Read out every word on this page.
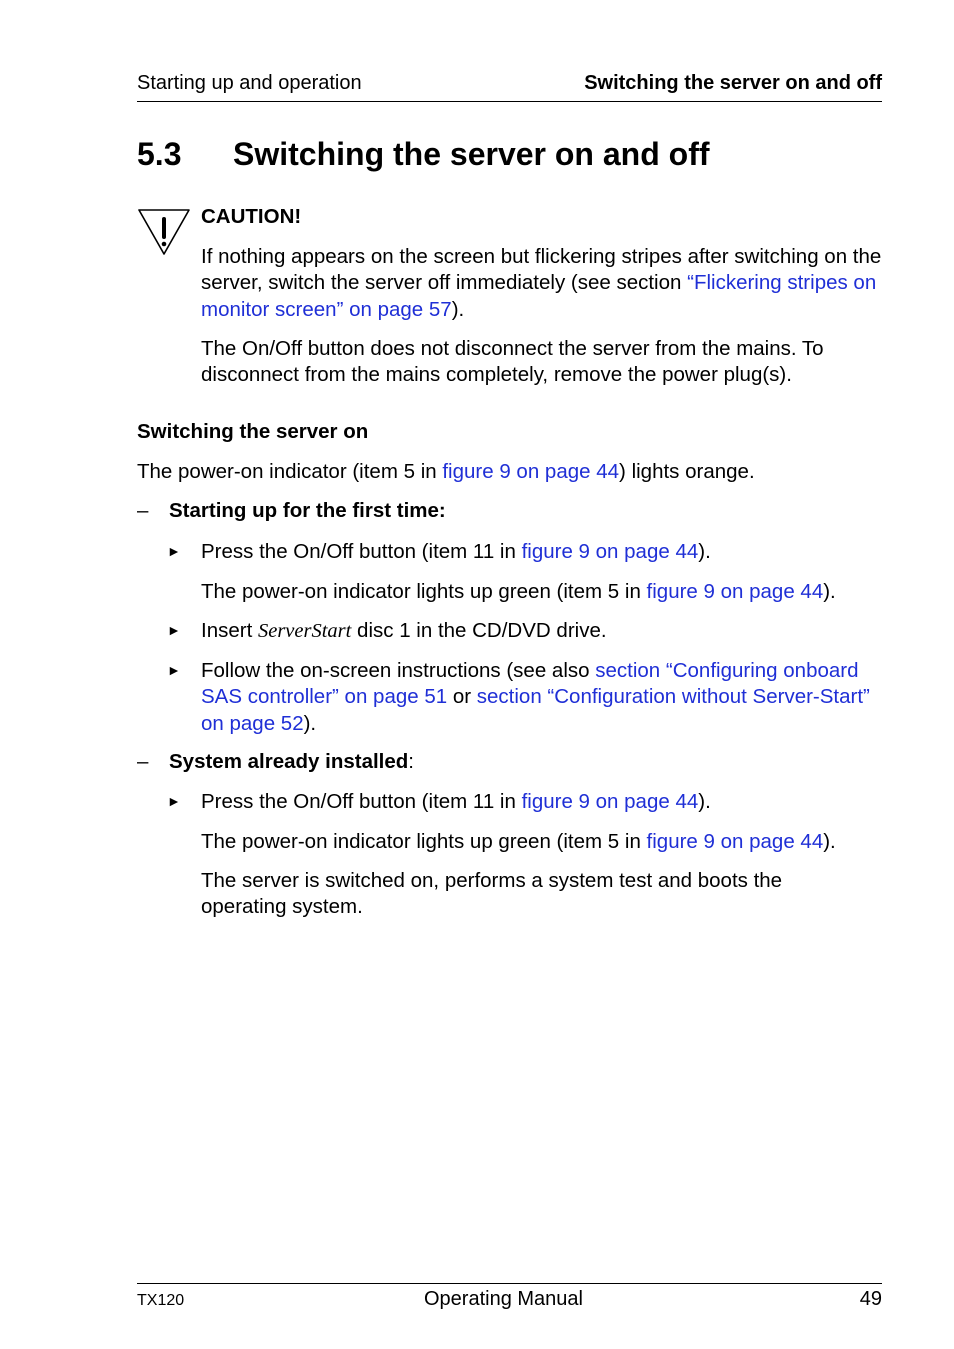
Starting up and operation	Switching the server on and off
5.3 Switching the server on and off
CAUTION!
If nothing appears on the screen but flickering stripes after switching on the server, switch the server off immediately (see section “Flickering stripes on monitor screen” on page 57).
The On/Off button does not disconnect the server from the mains. To disconnect from the mains completely, remove the power plug(s).
Switching the server on
The power-on indicator (item 5 in figure 9 on page 44) lights orange.
– Starting up for the first time:
► Press the On/Off button (item 11 in figure 9 on page 44).
The power-on indicator lights up green (item 5 in figure 9 on page 44).
► Insert ServerStart disc 1 in the CD/DVD drive.
► Follow the on-screen instructions (see also section “Configuring onboard SAS controller” on page 51 or section “Configuration without Server-Start” on page 52).
– System already installed:
► Press the On/Off button (item 11 in figure 9 on page 44).
The power-on indicator lights up green (item 5 in figure 9 on page 44).
The server is switched on, performs a system test and boots the operating system.
TX120	Operating Manual	49
